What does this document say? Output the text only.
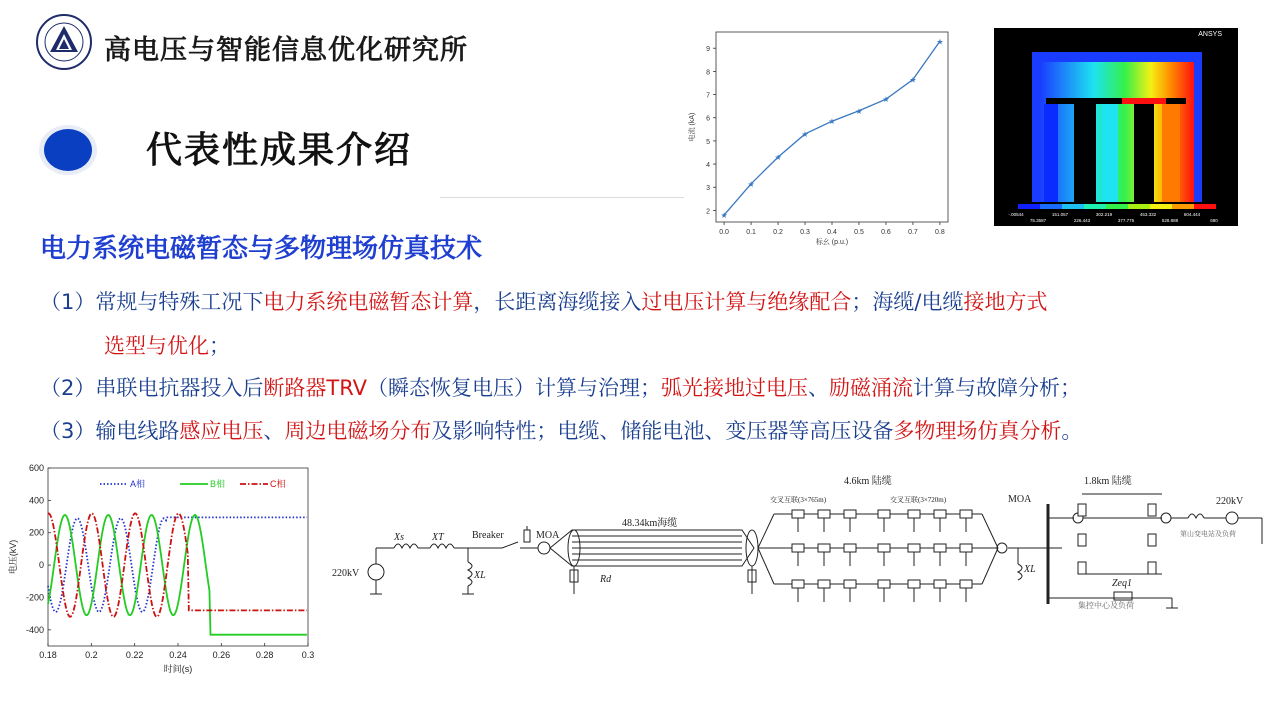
高电压与智能信息优化研究所
代表性成果介绍
0.0 0.1 0.2 0.3 0.4 0.5 0.6 0.7 0.8
2
3
4
5
6
7
8
9
标幺 (p.u.)
电流 (kA)
★
★
★
★
★
★
★
★
★
ANSYS
-.00544
75.3587
151.057
226.443
302.219
377.775
453.332
528.888
604.444
680
电力系统电磁暂态与多物理场仿真技术
（1）常规与特殊工况下电力系统电磁暂态计算，长距离海缆接入过电压计算与绝缘配合；海缆/电缆接地方式
选型与优化；
（2）串联电抗器投入后断路器TRV（瞬态恢复电压）计算与治理；弧光接地过电压、励磁涌流计算与故障分析；
（3）输电线路感应电压、周边电磁场分布及影响特性；电缆、储能电池、变压器等高压设备多物理场仿真分析。
0.18	0.2	0.22	0.24	0.26	0.28	0.3
600
400
200
0
-200
-400
时间(s)
电压(kV)
A相	B相	C相
220kV
Xs	XT
XL
Breaker	MOA
48.34km海缆
Rd
4.6km 陆缆
交叉互联(3×765m)	交叉互联(3×720m)	MOA
XL
1.8km 陆缆
220kV
第山变电站及负荷
Zeq1
集控中心及负荷
